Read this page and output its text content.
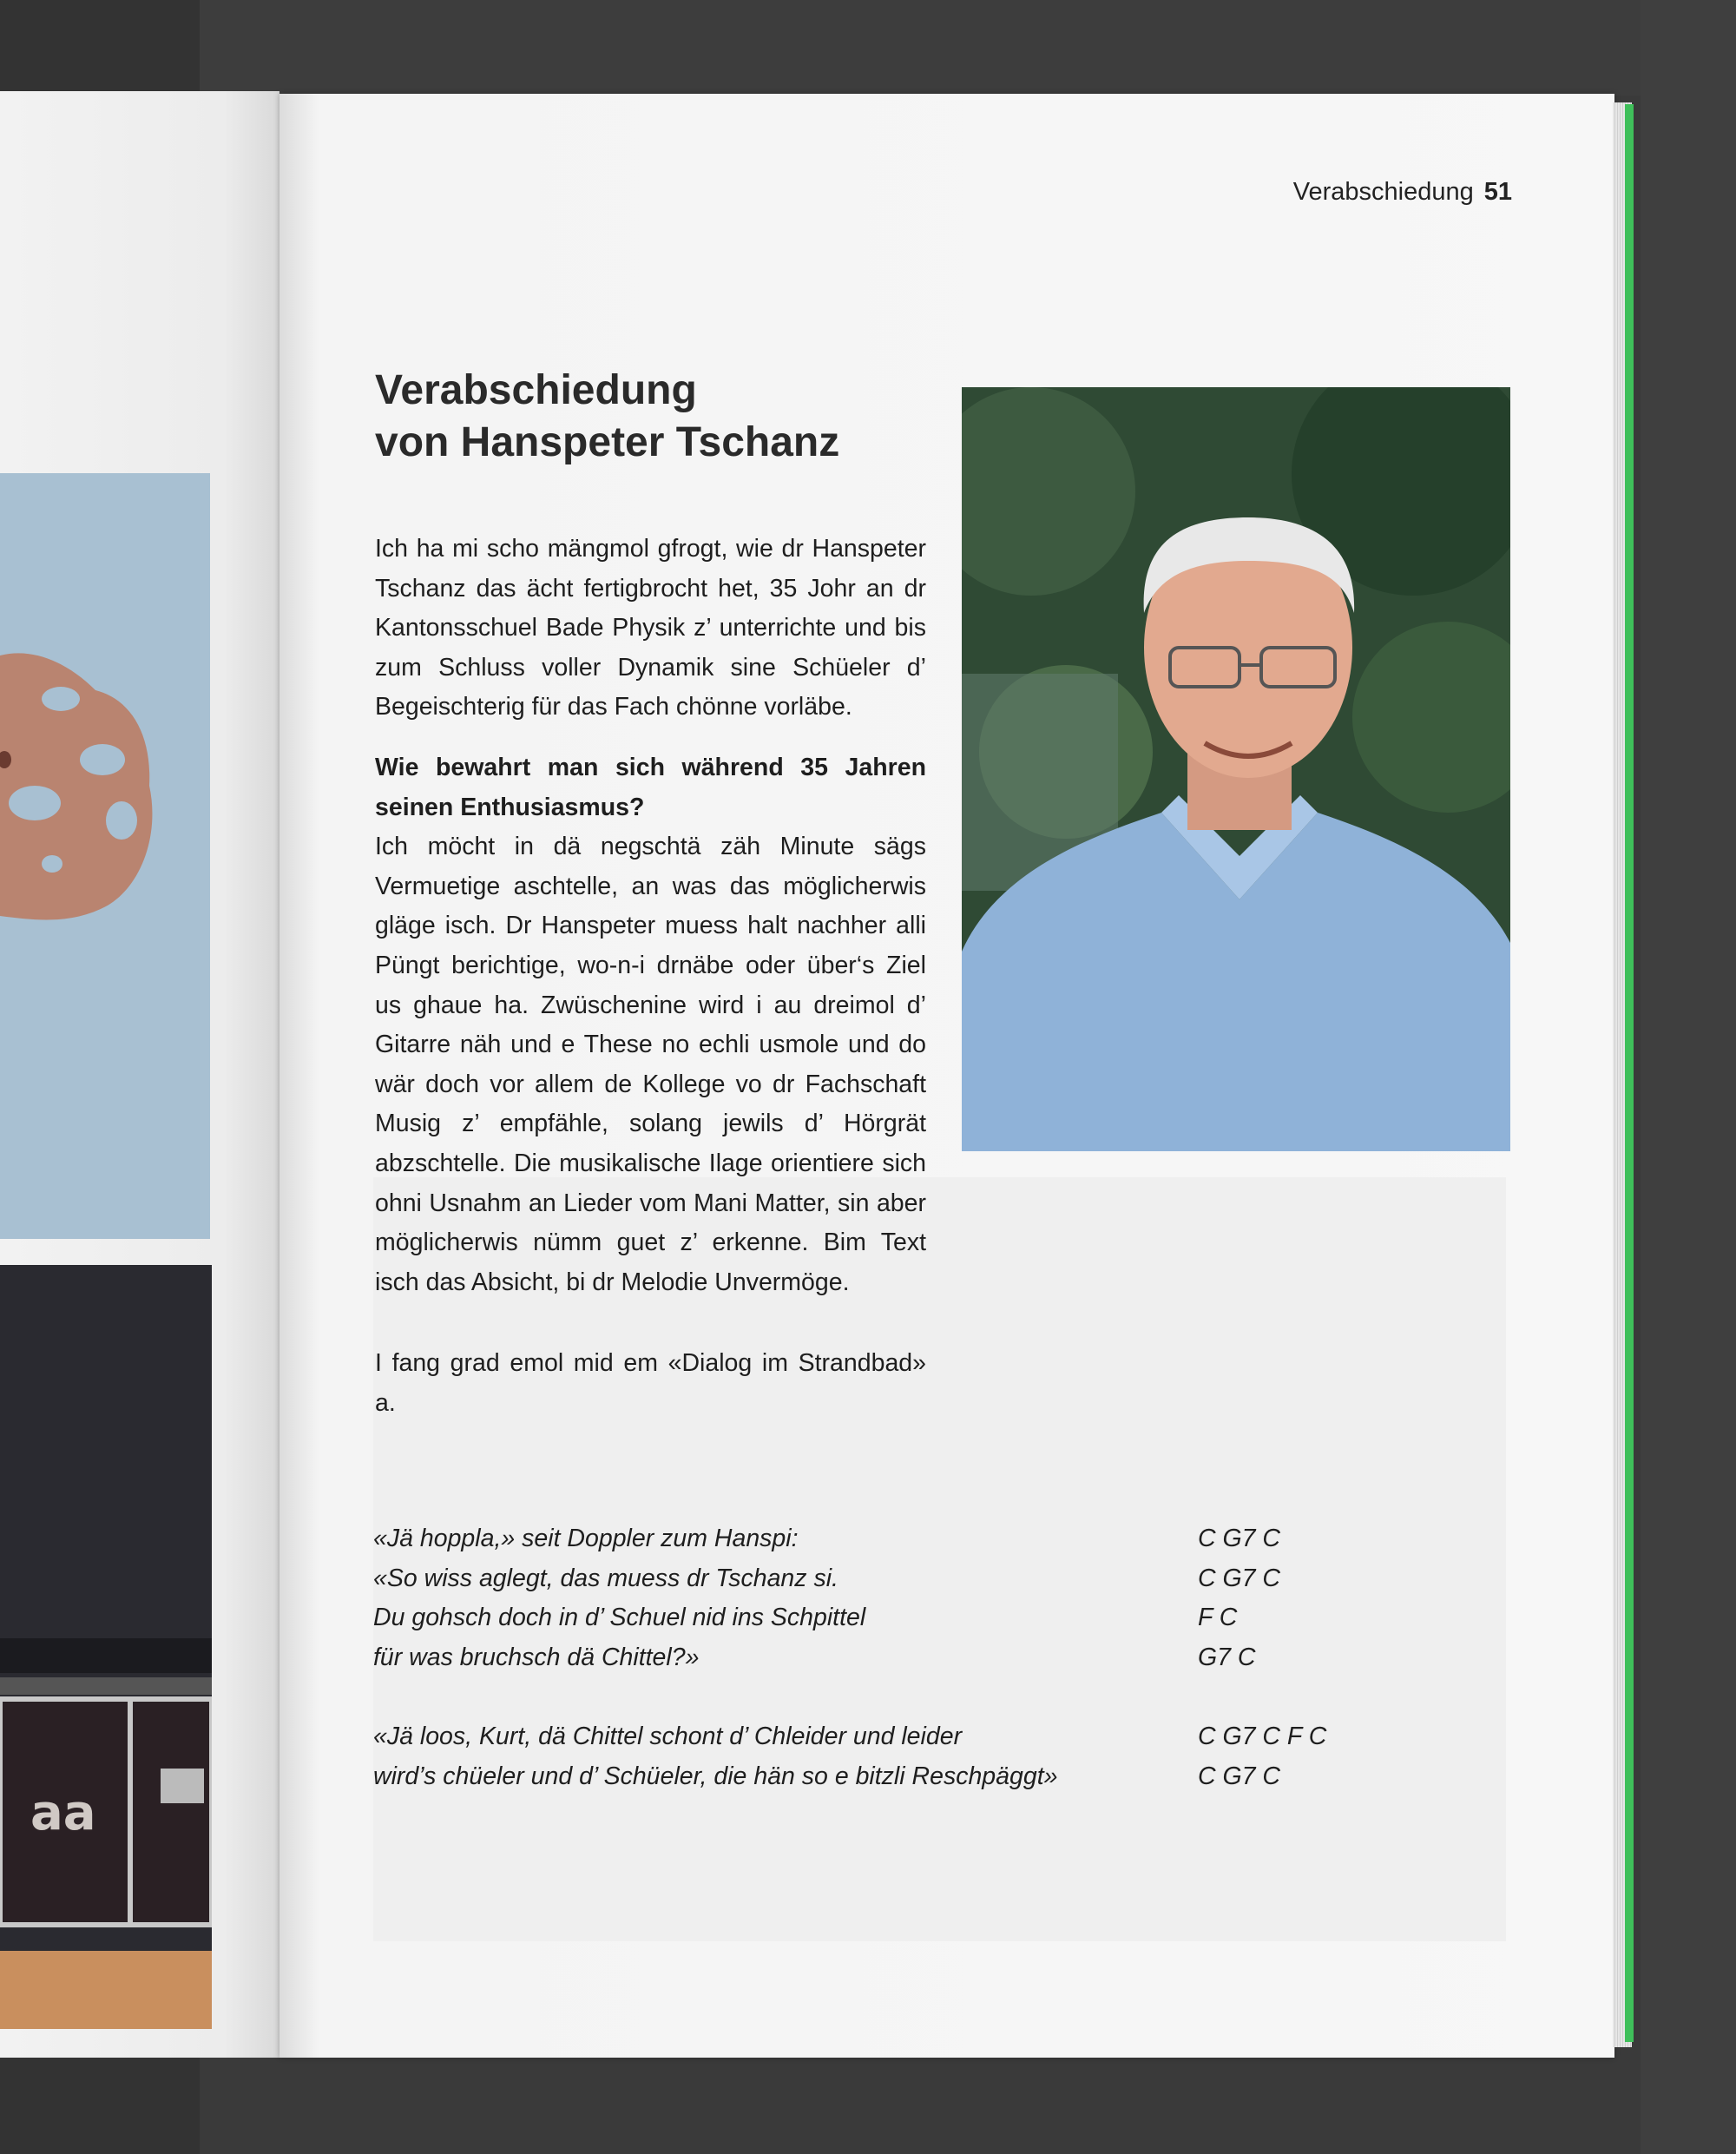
aa
Verabschiedung 51
Verabschiedung
von Hanspeter Tschanz

Ich ha mi scho mängmol gfrogt, wie dr Hanspeter Tschanz das ächt fertigbrocht het, 35 Johr an dr Kantonsschuel Bade Physik z’ unterrichte und bis zum Schluss voller Dynamik sine Schüeler d’ Begeischterig für das Fach chönne vorläbe.

Wie bewahrt man sich während 35 Jahren seinen Enthusiasmus?

Ich möcht in dä negschtä zäh Minute sägs Vermuetige aschtelle, an was das möglicherwis gläge isch. Dr Hanspeter muess halt nachher alli Püngt berichtige, wo-n-i drnäbe oder über‘s Ziel us ghaue ha. Zwüschenine wird i au dreimol d’ Gitarre näh und e These no echli usmole und do wär doch vor allem de Kollege vo dr Fachschaft Musig z’ empfähle, solang jewils d’ Hörgrät abzschtelle. Die musikalische Ilage orientiere sich ohni Usnahm an Lieder vom Mani Matter, sin aber möglicherwis nümm guet z’ erkenne. Bim Text isch das Absicht, bi dr Melodie Unvermöge.

I fang grad emol mid em «Dialog im Strandbad» a.

«Jä hoppla,» seit Doppler zum Hanspi:	C G7 C
«So wiss aglegt, das muess dr Tschanz si.	C G7 C
Du gohsch doch in d’ Schuel nid ins Schpittel	F C
für was bruchsch dä Chittel?»	G7 C
«Jä loos, Kurt, dä Chittel schont d’ Chleider und leider	C G7 C F C
wird’s chüeler und d’ Schüeler, die hän so e bitzli Reschpäggt»	C G7 C
